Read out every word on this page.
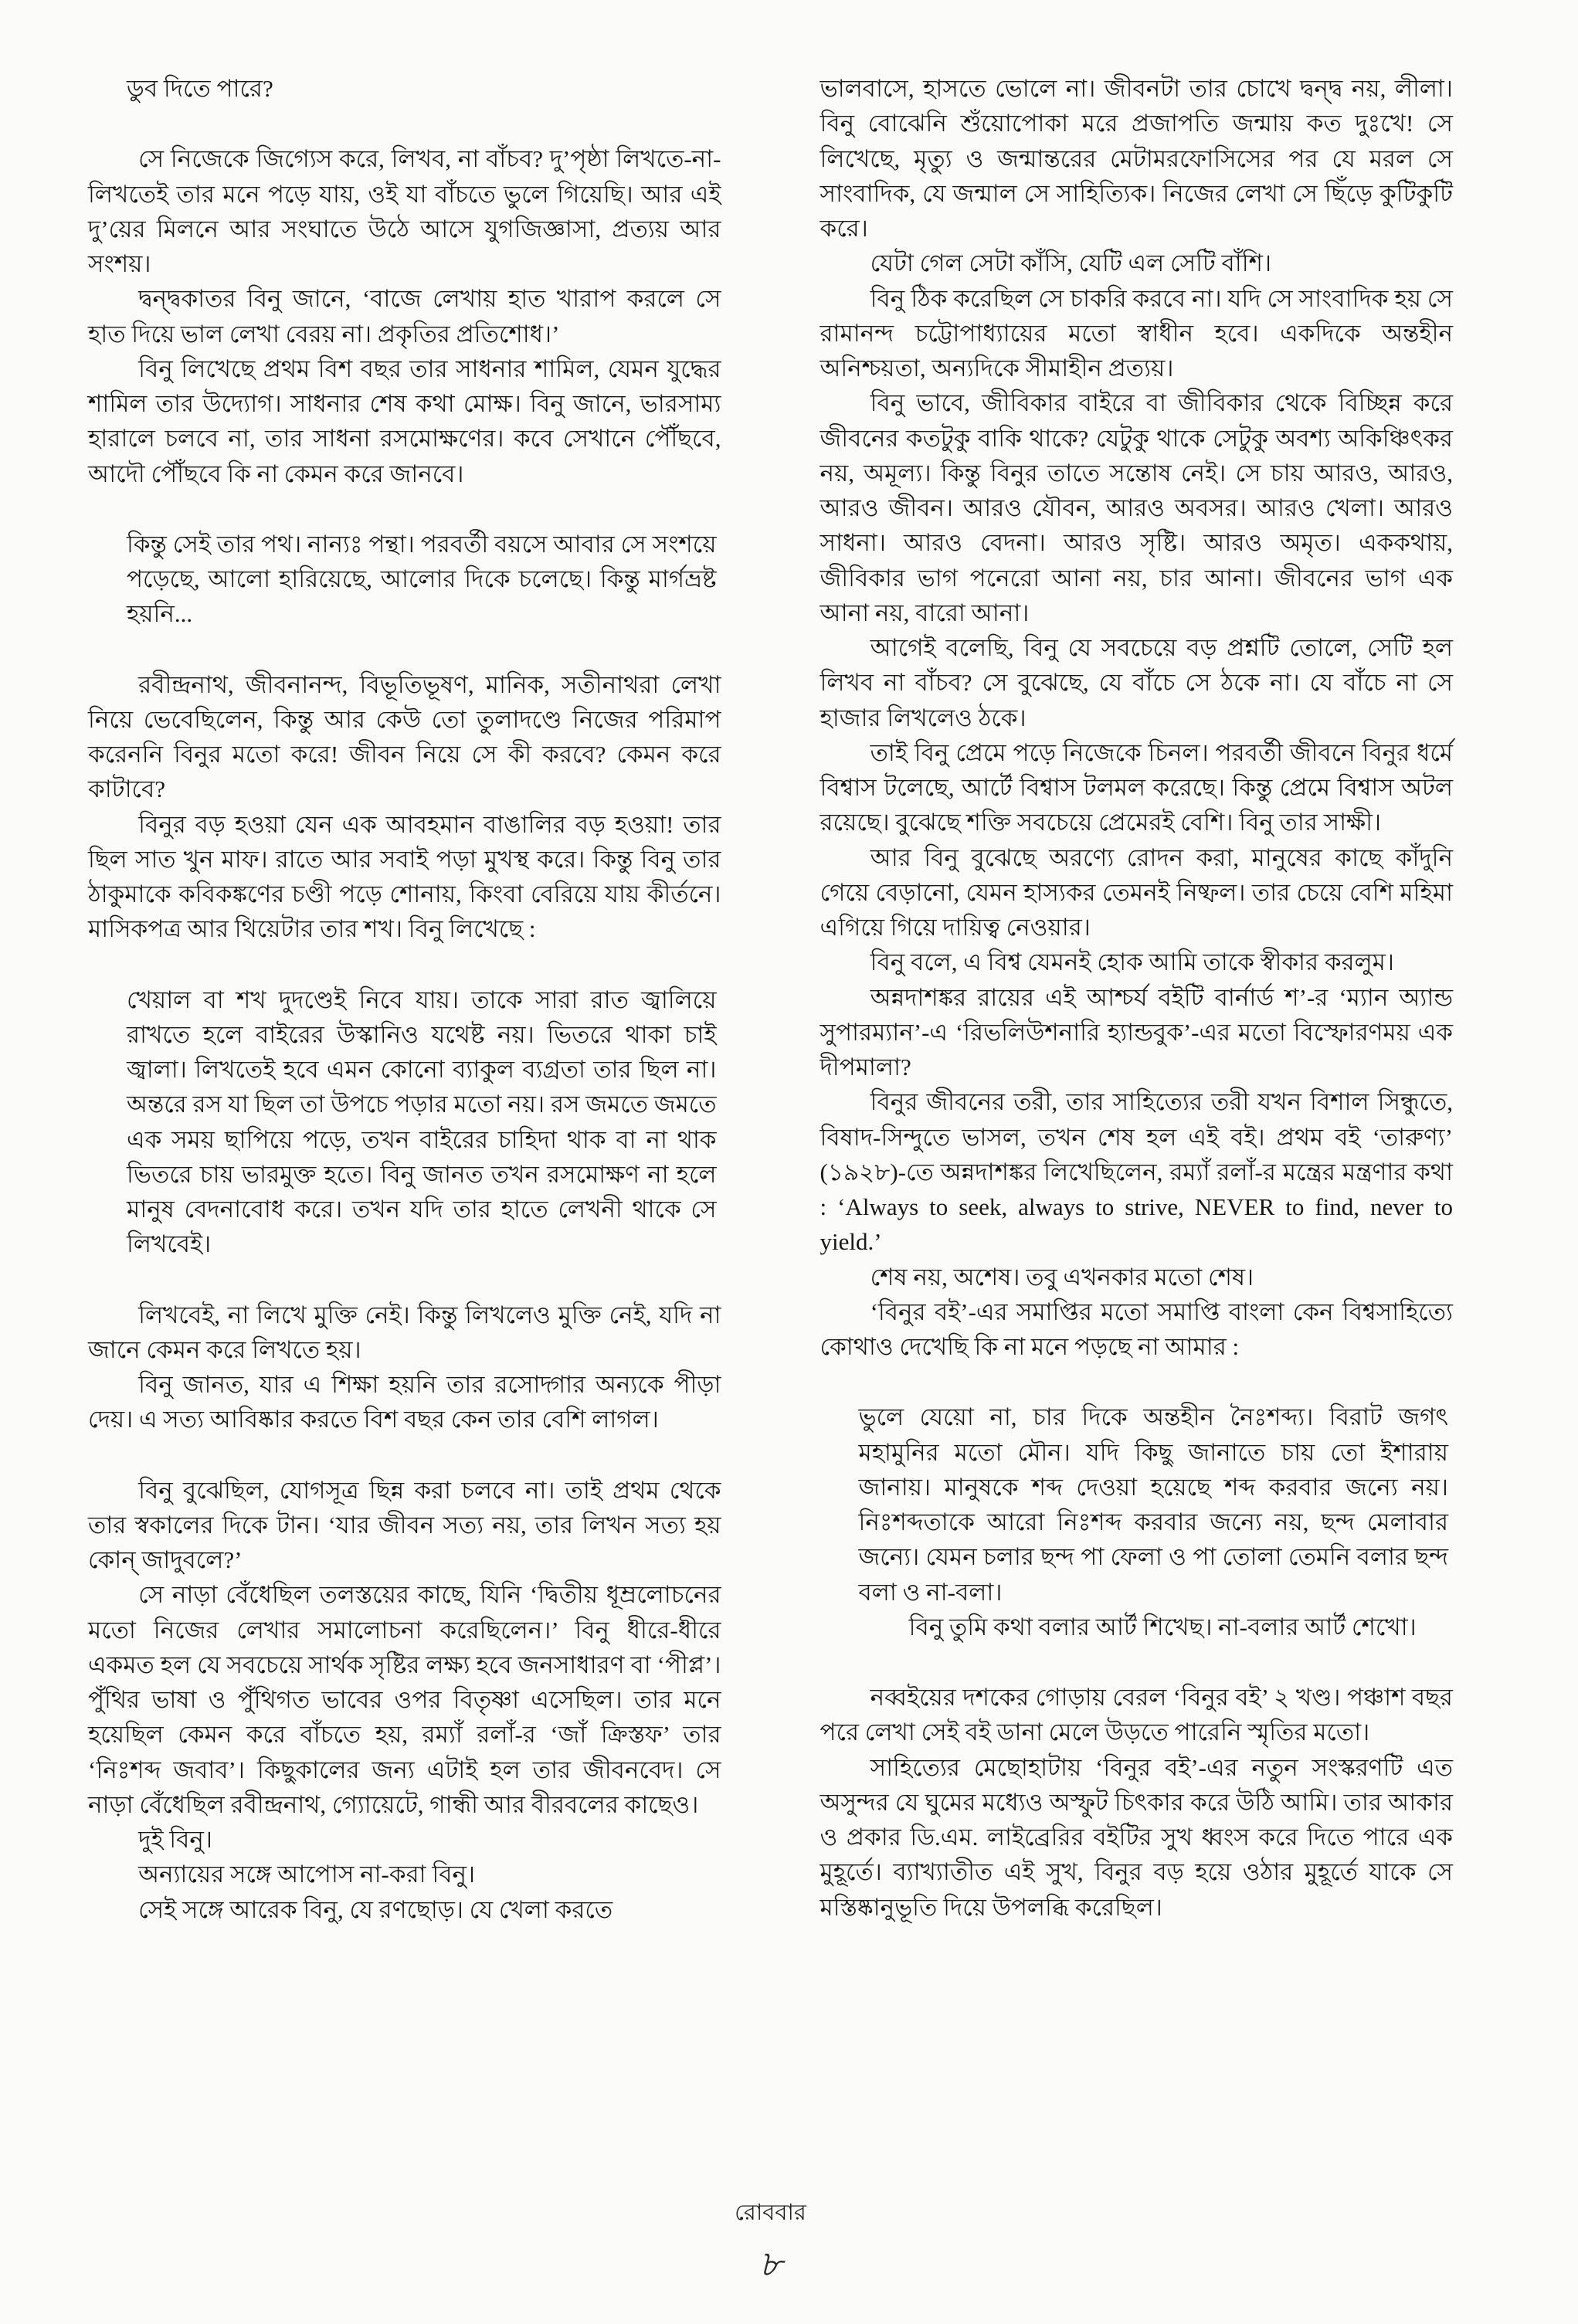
ডুব দিতে পারে?

সে নিজেকে জিগ্যেস করে, লিখব, না বাঁচব? দু’পৃষ্ঠা লিখতে-না-লিখতেই তার মনে পড়ে যায়, ওই যা বাঁচতে ভুলে গিয়েছি। আর এই দু’য়ের মিলনে আর সংঘাতে উঠে আসে যুগজিজ্ঞাসা, প্রত্যয় আর সংশয়।

দ্বন্দ্বকাতর বিনু জানে, ‘বাজে লেখায় হাত খারাপ করলে সে হাত দিয়ে ভাল লেখা বেরয় না। প্রকৃতির প্রতিশোধ।’

বিনু লিখেছে প্রথম বিশ বছর তার সাধনার শামিল, যেমন যুদ্ধের শামিল তার উদ্যোগ। সাধনার শেষ কথা মোক্ষ। বিনু জানে, ভারসাম্য হারালে চলবে না, তার সাধনা রসমোক্ষণের। কবে সেখানে পৌঁছবে, আদৌ পৌঁছবে কি না কেমন করে জানবে।

কিন্তু সেই তার পথ। নান্যঃ পন্থা। পরবর্তী বয়সে আবার সে সংশয়ে পড়েছে, আলো হারিয়েছে, আলোর দিকে চলেছে। কিন্তু মার্গভ্রষ্ট হয়নি...

রবীন্দ্রনাথ, জীবনানন্দ, বিভূতিভূষণ, মানিক, সতীনাথরা লেখা নিয়ে ভেবেছিলেন, কিন্তু আর কেউ তো তুলাদণ্ডে নিজের পরিমাপ করেননি বিনুর মতো করে! জীবন নিয়ে সে কী করবে? কেমন করে কাটাবে?

বিনুর বড় হওয়া যেন এক আবহমান বাঙালির বড় হওয়া! তার ছিল সাত খুন মাফ। রাতে আর সবাই পড়া মুখস্থ করে। কিন্তু বিনু তার ঠাকুমাকে কবিকঙ্কণের চণ্ডী পড়ে শোনায়, কিংবা বেরিয়ে যায় কীর্তনে। মাসিকপত্র আর থিয়েটার তার শখ। বিনু লিখেছে :

খেয়াল বা শখ দুদণ্ডেই নিবে যায়। তাকে সারা রাত জ্বালিয়ে রাখতে হলে বাইরের উস্কানিও যথেষ্ট নয়। ভিতরে থাকা চাই জ্বালা। লিখতেই হবে এমন কোনো ব্যাকুল ব্যগ্রতা তার ছিল না। অন্তরে রস যা ছিল তা উপচে পড়ার মতো নয়। রস জমতে জমতে এক সময় ছাপিয়ে পড়ে, তখন বাইরের চাহিদা থাক বা না থাক ভিতরে চায় ভারমুক্ত হতে। বিনু জানত তখন রসমোক্ষণ না হলে মানুষ বেদনাবোধ করে। তখন যদি তার হাতে লেখনী থাকে সে লিখবেই।

লিখবেই, না লিখে মুক্তি নেই। কিন্তু লিখলেও মুক্তি নেই, যদি না জানে কেমন করে লিখতে হয়।

বিনু জানত, যার এ শিক্ষা হয়নি তার রসোদ্গার অন্যকে পীড়া দেয়। এ সত্য আবিষ্কার করতে বিশ বছর কেন তার বেশি লাগল।

বিনু বুঝেছিল, যোগসূত্র ছিন্ন করা চলবে না। তাই প্রথম থেকে তার স্বকালের দিকে টান। ‘যার জীবন সত্য নয়, তার লিখন সত্য হয় কোন্ জাদুবলে?’

সে নাড়া বেঁধেছিল তলস্তয়ের কাছে, যিনি ‘দ্বিতীয় ধূম্রলোচনের মতো নিজের লেখার সমালোচনা করেছিলেন।’ বিনু ধীরে-ধীরে একমত হল যে সবচেয়ে সার্থক সৃষ্টির লক্ষ্য হবে জনসাধারণ বা ‘পীপ্ল’। পুঁথির ভাষা ও পুঁথিগত ভাবের ওপর বিতৃষ্ণা এসেছিল। তার মনে হয়েছিল কেমন করে বাঁচতে হয়, রম্যাঁ রলাঁ-র ‘জাঁ ক্রিস্তফ’ তার ‘নিঃশব্দ জবাব’। কিছুকালের জন্য এটাই হল তার জীবনবেদ। সে নাড়া বেঁধেছিল রবীন্দ্রনাথ, গ্যোয়েটে, গান্ধী আর বীরবলের কাছেও।

দুই বিনু।

অন্যায়ের সঙ্গে আপোস না-করা বিনু।

সেই সঙ্গে আরেক বিনু, যে রণছোড়। যে খেলা করতে

ভালবাসে, হাসতে ভোলে না। জীবনটা তার চোখে দ্বন্দ্ব নয়, লীলা। বিনু বোঝেনি শুঁয়োপোকা মরে প্রজাপতি জন্মায় কত দুঃখে! সে লিখেছে, মৃত্যু ও জন্মান্তরের মেটামরফোসিসের পর যে মরল সে সাংবাদিক, যে জন্মাল সে সাহিত্যিক। নিজের লেখা সে ছিঁড়ে কুটিকুটি করে।

যেটা গেল সেটা কাঁসি, যেটি এল সেটি বাঁশি।

বিনু ঠিক করেছিল সে চাকরি করবে না। যদি সে সাংবাদিক হয় সে রামানন্দ চট্টোপাধ্যায়ের মতো স্বাধীন হবে। একদিকে অন্তহীন অনিশ্চয়তা, অন্যদিকে সীমাহীন প্রত্যয়।

বিনু ভাবে, জীবিকার বাইরে বা জীবিকার থেকে বিচ্ছিন্ন করে জীবনের কতটুকু বাকি থাকে? যেটুকু থাকে সেটুকু অবশ্য অকিঞ্চিৎকর নয়, অমূল্য। কিন্তু বিনুর তাতে সন্তোষ নেই। সে চায় আরও, আরও, আরও জীবন। আরও যৌবন, আরও অবসর। আরও খেলা। আরও সাধনা। আরও বেদনা। আরও সৃষ্টি। আরও অমৃত। এককথায়, জীবিকার ভাগ পনেরো আনা নয়, চার আনা। জীবনের ভাগ এক আনা নয়, বারো আনা।

আগেই বলেছি, বিনু যে সবচেয়ে বড় প্রশ্নটি তোলে, সেটি হল লিখব না বাঁচব? সে বুঝেছে, যে বাঁচে সে ঠকে না। যে বাঁচে না সে হাজার লিখলেও ঠকে।

তাই বিনু প্রেমে পড়ে নিজেকে চিনল। পরবর্তী জীবনে বিনুর ধর্মে বিশ্বাস টলেছে, আর্টে বিশ্বাস টলমল করেছে। কিন্তু প্রেমে বিশ্বাস অটল রয়েছে। বুঝেছে শক্তি সবচেয়ে প্রেমেরই বেশি। বিনু তার সাক্ষী।

আর বিনু বুঝেছে অরণ্যে রোদন করা, মানুষের কাছে কাঁদুনি গেয়ে বেড়ানো, যেমন হাস্যকর তেমনই নিষ্ফল। তার চেয়ে বেশি মহিমা এগিয়ে গিয়ে দায়িত্ব নেওয়ার।

বিনু বলে, এ বিশ্ব যেমনই হোক আমি তাকে স্বীকার করলুম।

অন্নদাশঙ্কর রায়ের এই আশ্চর্য বইটি বার্নার্ড শ’-র ‘ম্যান অ্যান্ড সুপারম্যান’-এ ‘রিভলিউশনারি হ্যান্ডবুক’-এর মতো বিস্ফোরণময় এক দীপমালা?

বিনুর জীবনের তরী, তার সাহিত্যের তরী যখন বিশাল সিন্ধুতে, বিষাদ-সিন্দুতে ভাসল, তখন শেষ হল এই বই। প্রথম বই ‘তারুণ্য’ (১৯২৮)-তে অন্নদাশঙ্কর লিখেছিলেন, রম্যাঁ রলাঁ-র মন্ত্রের মন্ত্রণার কথা : ‘Always to seek, always to strive, NEVER to find, never to yield.’

শেষ নয়, অশেষ। তবু এখনকার মতো শেষ।

‘বিনুর বই’-এর সমাপ্তির মতো সমাপ্তি বাংলা কেন বিশ্বসাহিত্যে কোথাও দেখেছি কি না মনে পড়ছে না আমার :

ভুলে যেয়ো না, চার দিকে অন্তহীন নৈঃশব্দ্য। বিরাট জগৎ মহামুনির মতো মৌন। যদি কিছু জানাতে চায় তো ইশারায় জানায়। মানুষকে শব্দ দেওয়া হয়েছে শব্দ করবার জন্যে নয়। নিঃশব্দতাকে আরো নিঃশব্দ করবার জন্যে নয়, ছন্দ মেলাবার জন্যে। যেমন চলার ছন্দ পা ফেলা ও পা তোলা তেমনি বলার ছন্দ বলা ও না-বলা।

বিনু তুমি কথা বলার আর্ট শিখেছ। না-বলার আর্ট শেখো।

নব্বইয়ের দশকের গোড়ায় বেরল ‘বিনুর বই’ ২ খণ্ড। পঞ্চাশ বছর পরে লেখা সেই বই ডানা মেলে উড়তে পারেনি স্মৃতির মতো।

সাহিত্যের মেছোহাটায় ‘বিনুর বই’-এর নতুন সংস্করণটি এত অসুন্দর যে ঘুমের মধ্যেও অস্ফুট চিৎকার করে উঠি আমি। তার আকার ও প্রকার ডি.এম. লাইব্রেরির বইটির সুখ ধ্বংস করে দিতে পারে এক মুহূর্তে। ব্যাখ্যাতীত এই সুখ, বিনুর বড় হয়ে ওঠার মুহূর্তে যাকে সে মস্তিষ্কানুভূতি দিয়ে উপলব্ধি করেছিল।

রোববার
৮
